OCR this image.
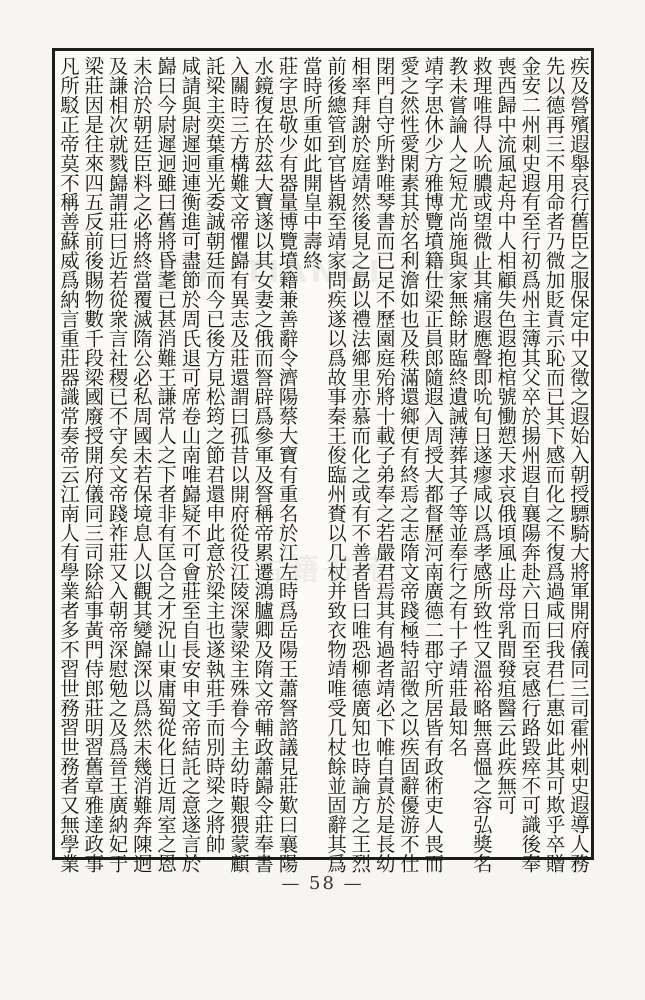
疾及營殯遐舉哀行舊臣之服保定中又徵之遐始入朝授驃騎大將軍開府儀同三司霍州刺史遐導人務
先以德再三不用命者乃微加貶責示恥而已其下感而化之不復爲過咸曰我君仁惠如此其可欺乎卒贈
金安二州刺史遐有至行初爲州主簿其父卒於揚州遐自襄陽奔赴六日而至哀感行路毀瘁不可識後奉
喪西歸中流風起舟中人相顧失色遐抱棺號慟愬天求哀俄頃風止母常乳間發疽醫云此疾無可
救理唯得人吮膿或望微止其痛遐應聲即吮旬日遂瘳咸以爲孝感所致性又溫裕略無喜慍之容弘獎名
教未嘗論人之短尤尚施與家無餘財臨終遺誡薄葬其子等並奉行之有十子靖莊最知名
靖字思休少方雅博覽墳籍仕梁正員郎隨遐入周授大都督歷河南廣德二郡守所居皆有政術吏人畏而
愛之然性愛閑素其於名利澹如也及秩滿還鄉便有終焉之志隋文帝踐極特詔徵之以疾固辭優游不仕
閉門自守所對唯琴書而已足不歷園庭殆將十載子弟奉之若嚴君焉其有過者靖必下帷自責於是長幼
相率拜謝於庭靖然後見之勗以禮法鄉里亦慕而化之或有不善者皆曰唯恐柳德廣知也時論方之王烈
前後總管到官皆親至靖家問疾遂以爲故事秦王俊臨州賚以几杖并致衣物靖唯受几杖餘並固辭其爲
當時所重如此開皇中壽終
莊字思敬少有器量博覽墳籍兼善辭令濟陽蔡大寶有重名於江左時爲岳陽王蕭詧諮議見莊歎曰襄陽
水鏡復在於茲大寶遂以其女妻之俄而詧辟爲參軍及詧稱帝累遷鴻臚卿及隋文帝輔政蕭巋令莊奉書
入關時三方構難文帝懼巋有異志及莊還謂曰孤昔以開府從役江陵深蒙梁主殊眷今主幼時艱猥蒙顧
託梁主奕葉重光委誠朝廷而今已後方見松筠之節君還申此意於梁主也遂執莊手而別時梁之將帥
咸請與尉遲迥連衡進可盡節於周氏退可席卷山南唯巋疑不可會莊至自長安申文帝結託之意遂言於
巋曰今尉遲迥雖曰舊將昏耄已甚消難王謙常人之下者非有匡合之才況山東庸蜀從化日近周室之恩
未洽於朝廷臣料之必將終當覆滅隋公必私周國未若保境息人以觀其變巋深以爲然未幾消難奔陳迥
及謙相次就戮巋謂莊曰近若從衆言社稷已不守矣文帝踐祚莊又入朝帝深慰勉之及爲晉王廣納妃于
梁莊因是往來四五反前後賜物數千段梁國廢授開府儀同三司除給事黃門侍郎莊明習舊章雅達政事
凡所駁正帝莫不稱善蘇威爲納言重莊器識常奏帝云江南人有學業者多不習世務習世務者又無學業
— 58 —
